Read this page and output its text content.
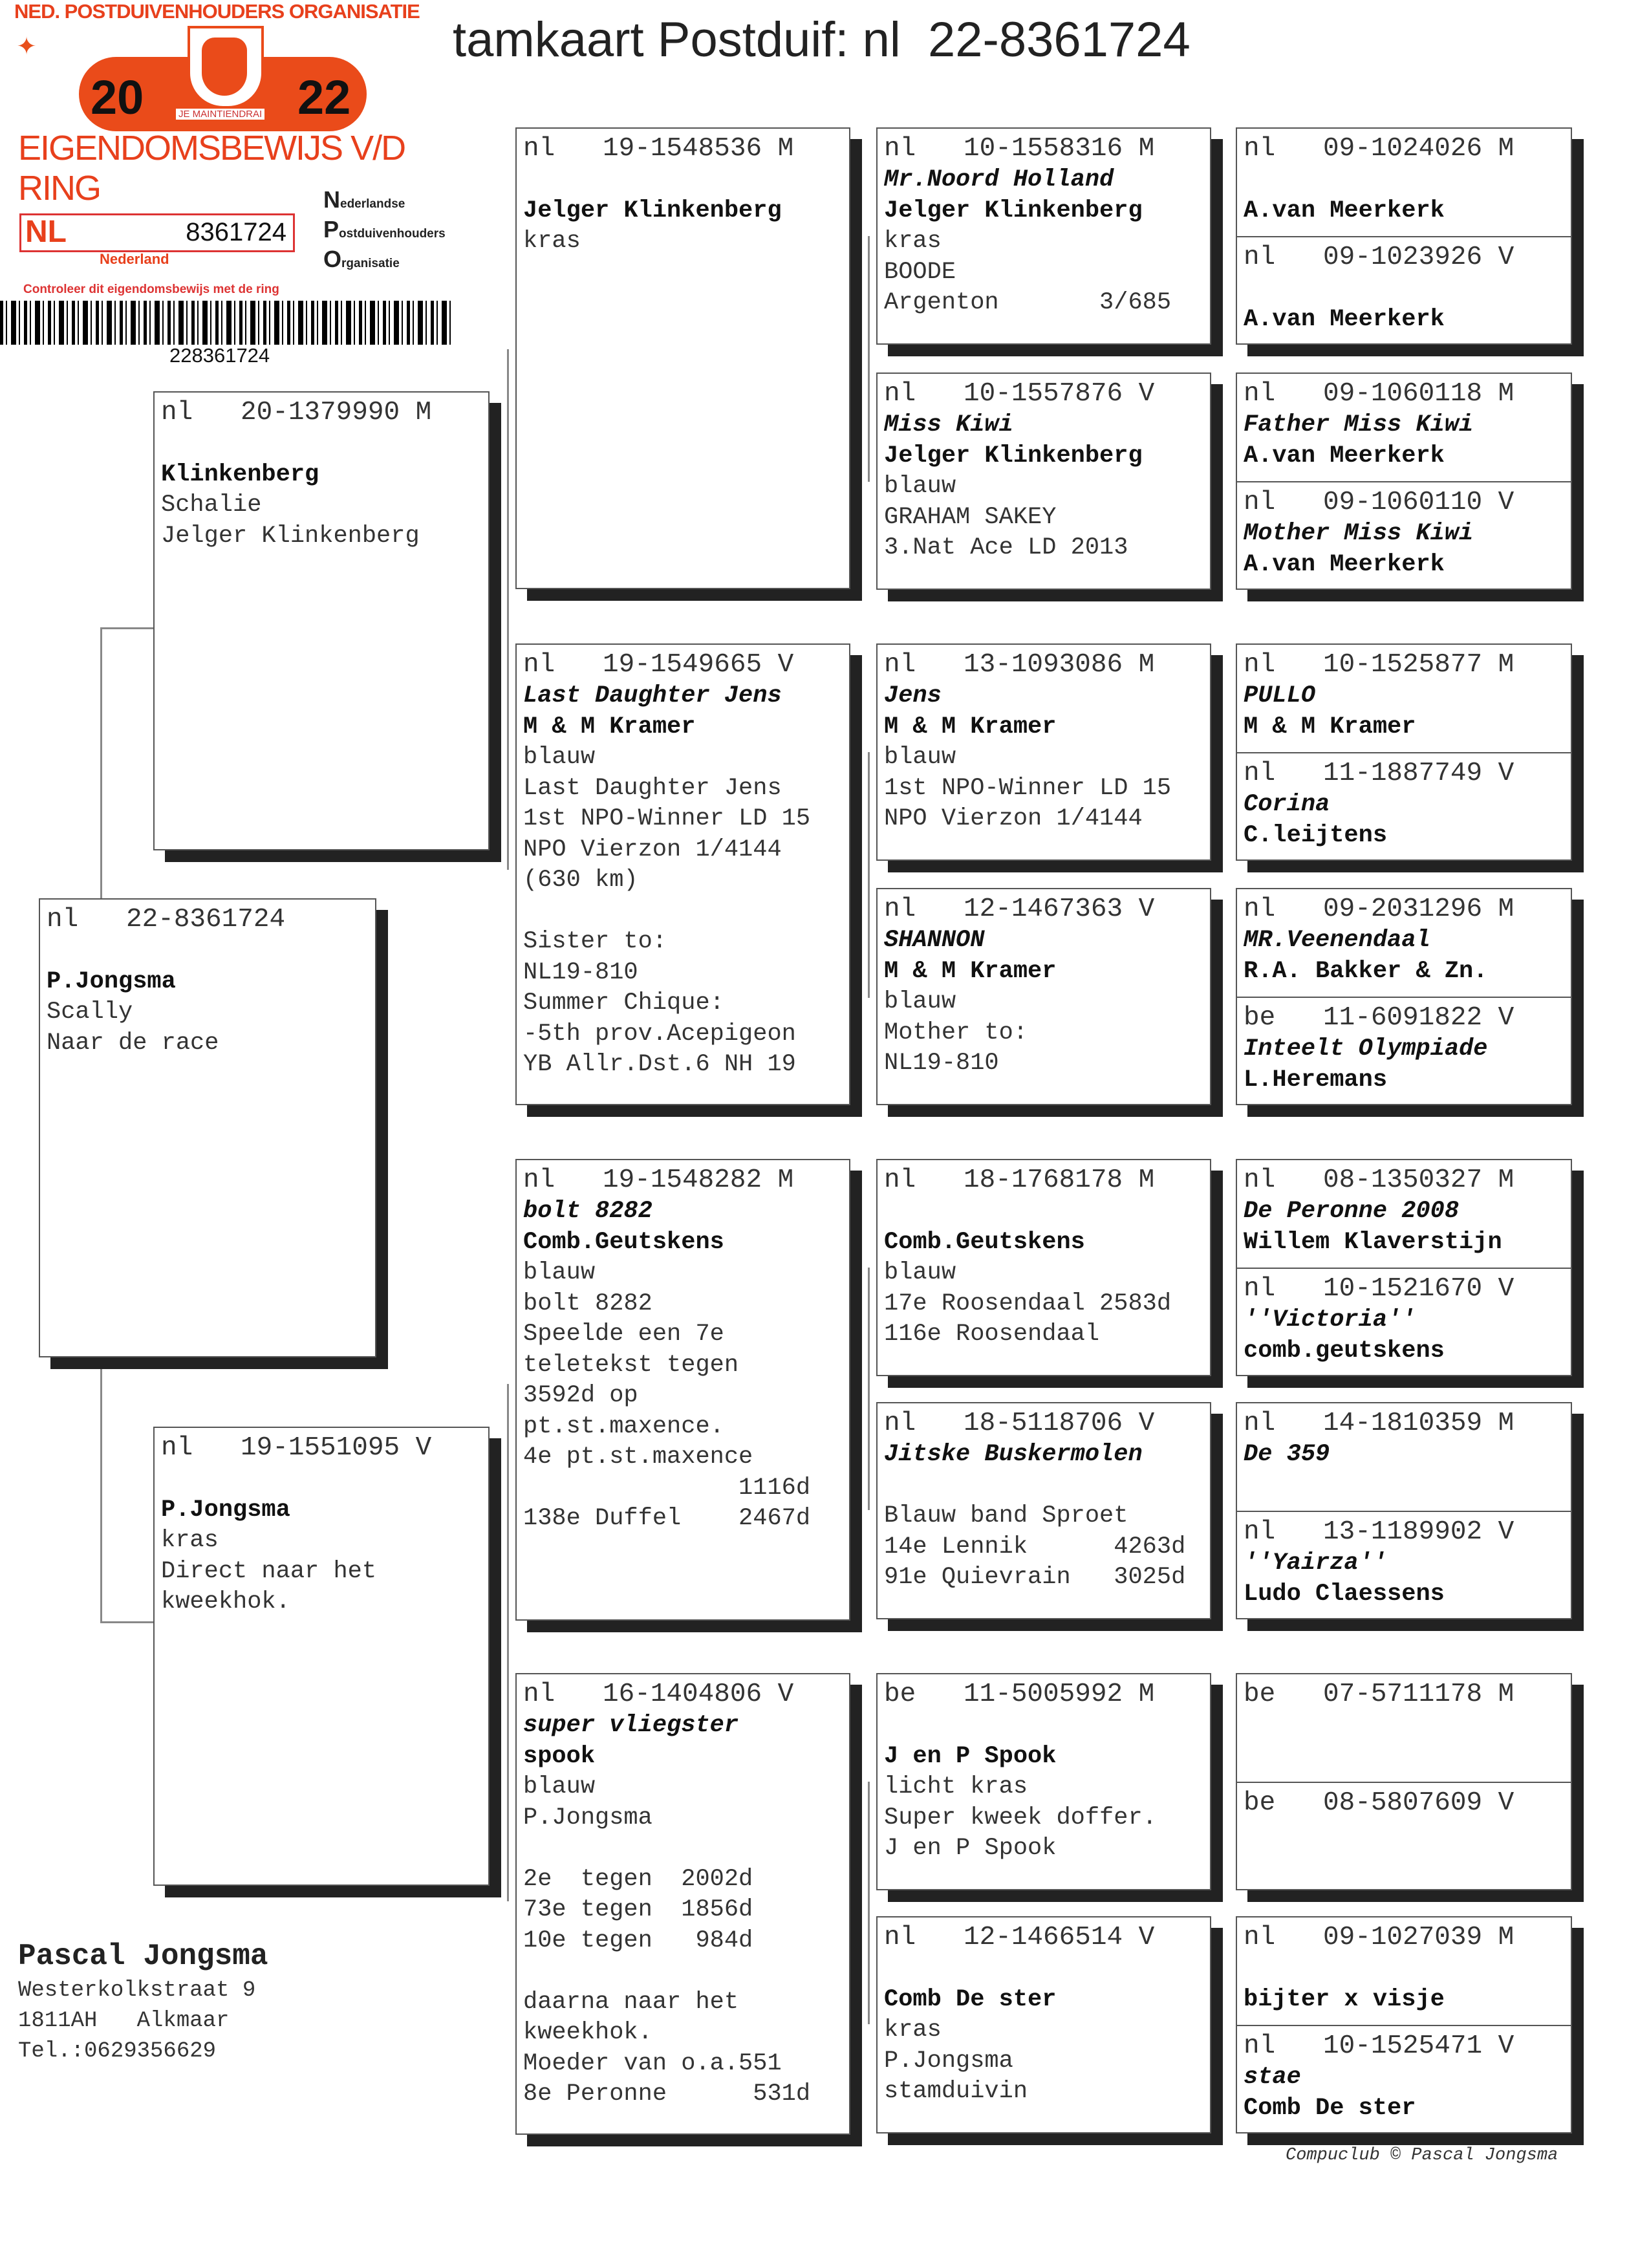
NED. POSTDUIVENHOUDERS ORGANISATIE
✦
20	22
JE MAINTIENDRAI
EIGENDOMSBEWIJS V/D RING
NL	8361724
Nederlandse
Postduivenhouders
Organisatie
Nederland
Controleer dit eigendomsbewijs met de ring
228361724
tamkaart Postduif: nl  22-8361724
nl   22-8361724
P.Jongsma
Scally
Naar de race
nl   20-1379990 M
Klinkenberg
Schalie
Jelger Klinkenberg
nl   19-1551095 V
P.Jongsma
kras
Direct naar het
kweekhok.
nl   19-1548536 M
Jelger Klinkenberg
kras
nl   19-1549665 V
Last Daughter Jens
M & M Kramer
blauw
Last Daughter Jens
1st NPO-Winner LD 15
NPO Vierzon 1/4144
(630 km)
Sister to:
NL19-810
Summer Chique:
-5th prov.Acepigeon
YB Allr.Dst.6 NH 19
nl   19-1548282 M
bolt 8282
Comb.Geutskens
blauw
bolt 8282
Speelde een 7e
teletekst tegen
3592d op
pt.st.maxence.
4e pt.st.maxence
1116d
138e Duffel    2467d
nl   16-1404806 V
super vliegster
spook
blauw
P.Jongsma
2e  tegen  2002d
73e tegen  1856d
10e tegen   984d
daarna naar het
kweekhok.
Moeder van o.a.551
8e Peronne      531d
nl   10-1558316 M
Mr.Noord Holland
Jelger Klinkenberg
kras
BOODE
Argenton       3/685
nl   10-1557876 V
Miss Kiwi
Jelger Klinkenberg
blauw
GRAHAM SAKEY
3.Nat Ace LD 2013
nl   13-1093086 M
Jens
M & M Kramer
blauw
1st NPO-Winner LD 15
NPO Vierzon 1/4144
nl   12-1467363 V
SHANNON
M & M Kramer
blauw
Mother to:
NL19-810
nl   18-1768178 M
Comb.Geutskens
blauw
17e Roosendaal 2583d
116e Roosendaal
nl   18-5118706 V
Jitske Buskermolen
Blauw band Sproet
14e Lennik      4263d
91e Quievrain   3025d
be   11-5005992 M
J en P Spook
licht kras
Super kweek doffer.
J en P Spook
nl   12-1466514 V
Comb De ster
kras
P.Jongsma
stamduivin
nl   09-1024026 M
A.van Meerkerk
nl   09-1023926 V
A.van Meerkerk
nl   09-1060118 M
Father Miss Kiwi
A.van Meerkerk
nl   09-1060110 V
Mother Miss Kiwi
A.van Meerkerk
nl   10-1525877 M
PULLO
M & M Kramer
nl   11-1887749 V
Corina
C.leijtens
nl   09-2031296 M
MR.Veenendaal
R.A. Bakker & Zn.
be   11-6091822 V
Inteelt Olympiade
L.Heremans
nl   08-1350327 M
De Peronne 2008
Willem Klaverstijn
nl   10-1521670 V
''Victoria''
comb.geutskens
nl   14-1810359 M
De 359
nl   13-1189902 V
''Yairza''
Ludo Claessens
be   07-5711178 M
be   08-5807609 V
nl   09-1027039 M
bijter x visje
nl   10-1525471 V
stae
Comb De ster
Pascal Jongsma
Westerkolkstraat 9
1811AH   Alkmaar
Tel.:0629356629
Compuclub © Pascal Jongsma
